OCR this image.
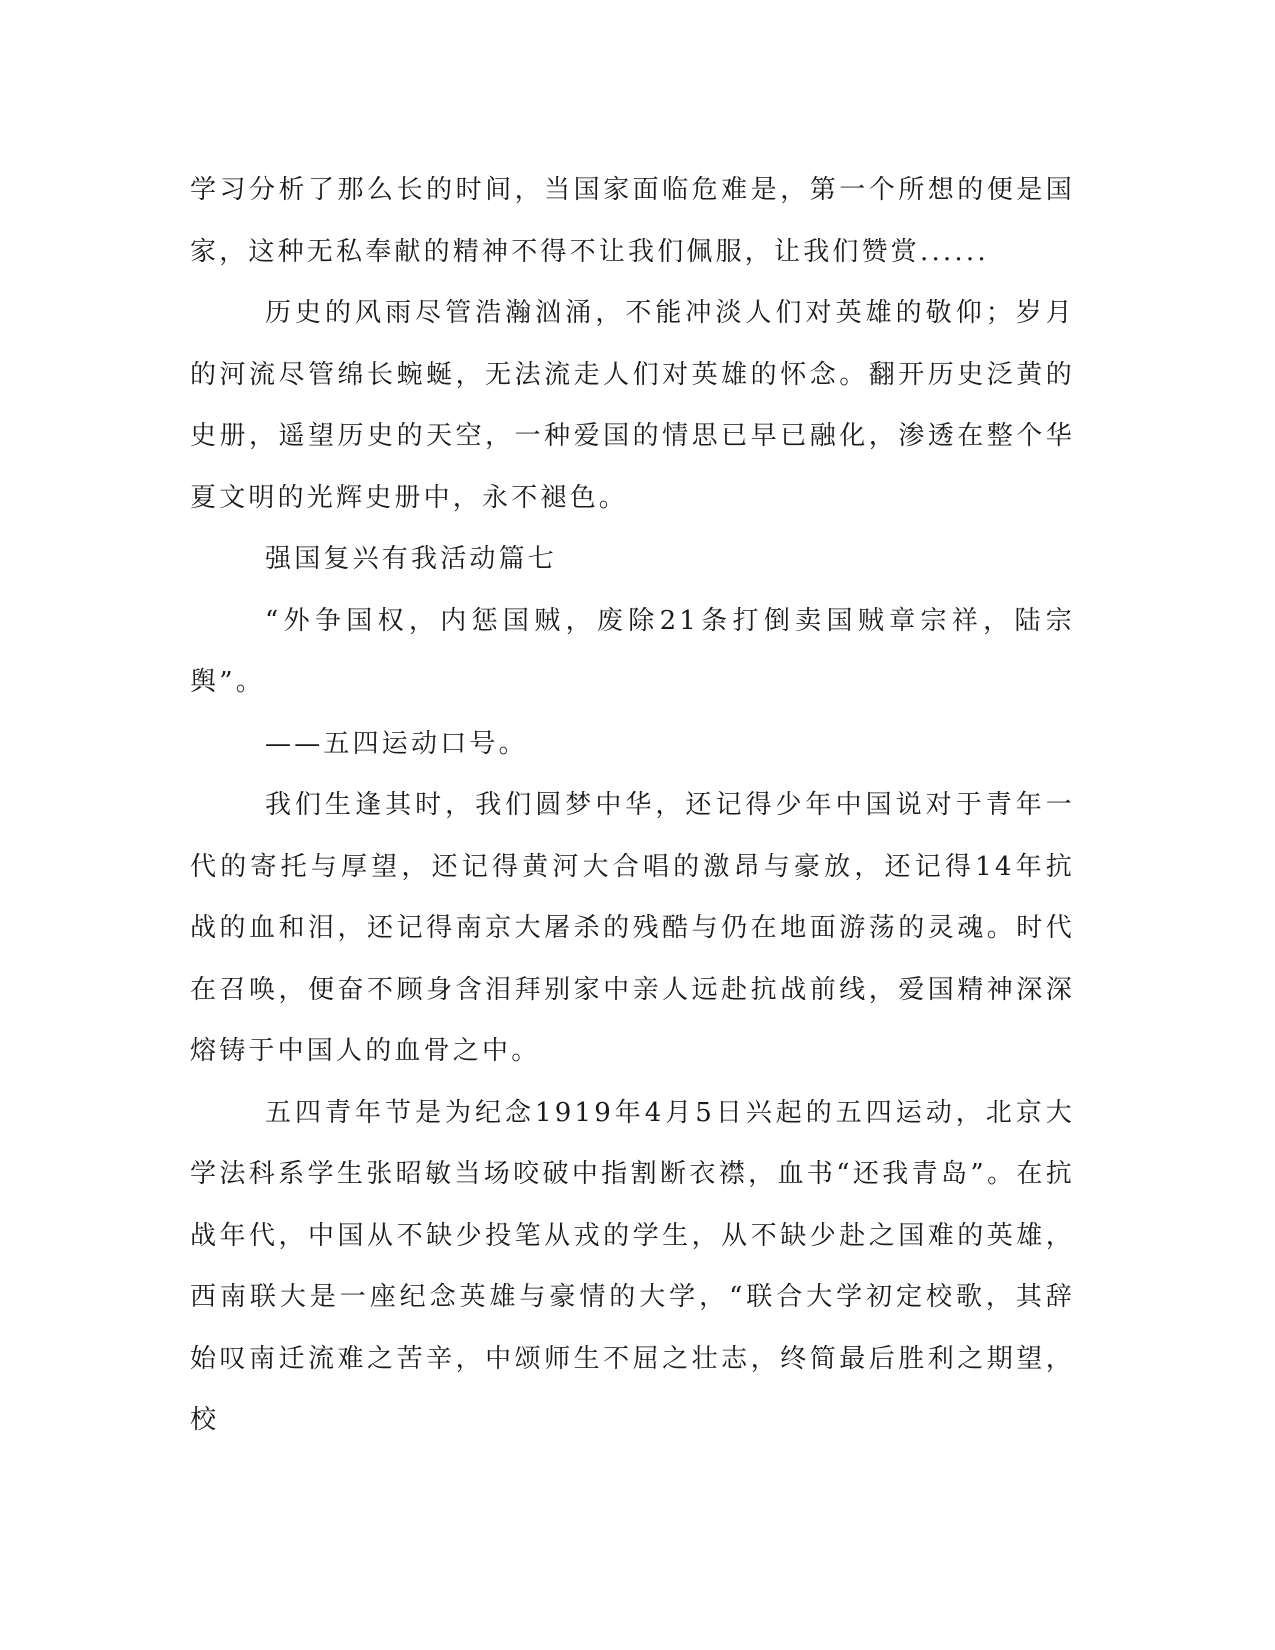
学习分析了那么长的时间，当国家面临危难是，第一个所想的便是国家，这种无私奉献的精神不得不让我们佩服，让我们赞赏......

历史的风雨尽管浩瀚汹涌，不能冲淡人们对英雄的敬仰；岁月的河流尽管绵长蜿蜒，无法流走人们对英雄的怀念。翻开历史泛黄的史册，遥望历史的天空，一种爱国的情思已早已融化，渗透在整个华夏文明的光辉史册中，永不褪色。

强国复兴有我活动篇七

“外争国权，内惩国贼，废除21条打倒卖国贼章宗祥，陆宗舆”。

——五四运动口号。

我们生逢其时，我们圆梦中华，还记得少年中国说对于青年一代的寄托与厚望，还记得黄河大合唱的激昂与豪放，还记得14年抗战的血和泪，还记得南京大屠杀的残酷与仍在地面游荡的灵魂。时代在召唤，便奋不顾身含泪拜别家中亲人远赴抗战前线，爱国精神深深熔铸于中国人的血骨之中。

五四青年节是为纪念1919年4月5日兴起的五四运动，北京大学法科系学生张昭敏当场咬破中指割断衣襟，血书“还我青岛”。在抗战年代，中国从不缺少投笔从戎的学生，从不缺少赴之国难的英雄，西南联大是一座纪念英雄与豪情的大学，“联合大学初定校歌，其辞始叹南迁流难之苦辛，中颂师生不屈之壮志，终简最后胜利之期望，校
